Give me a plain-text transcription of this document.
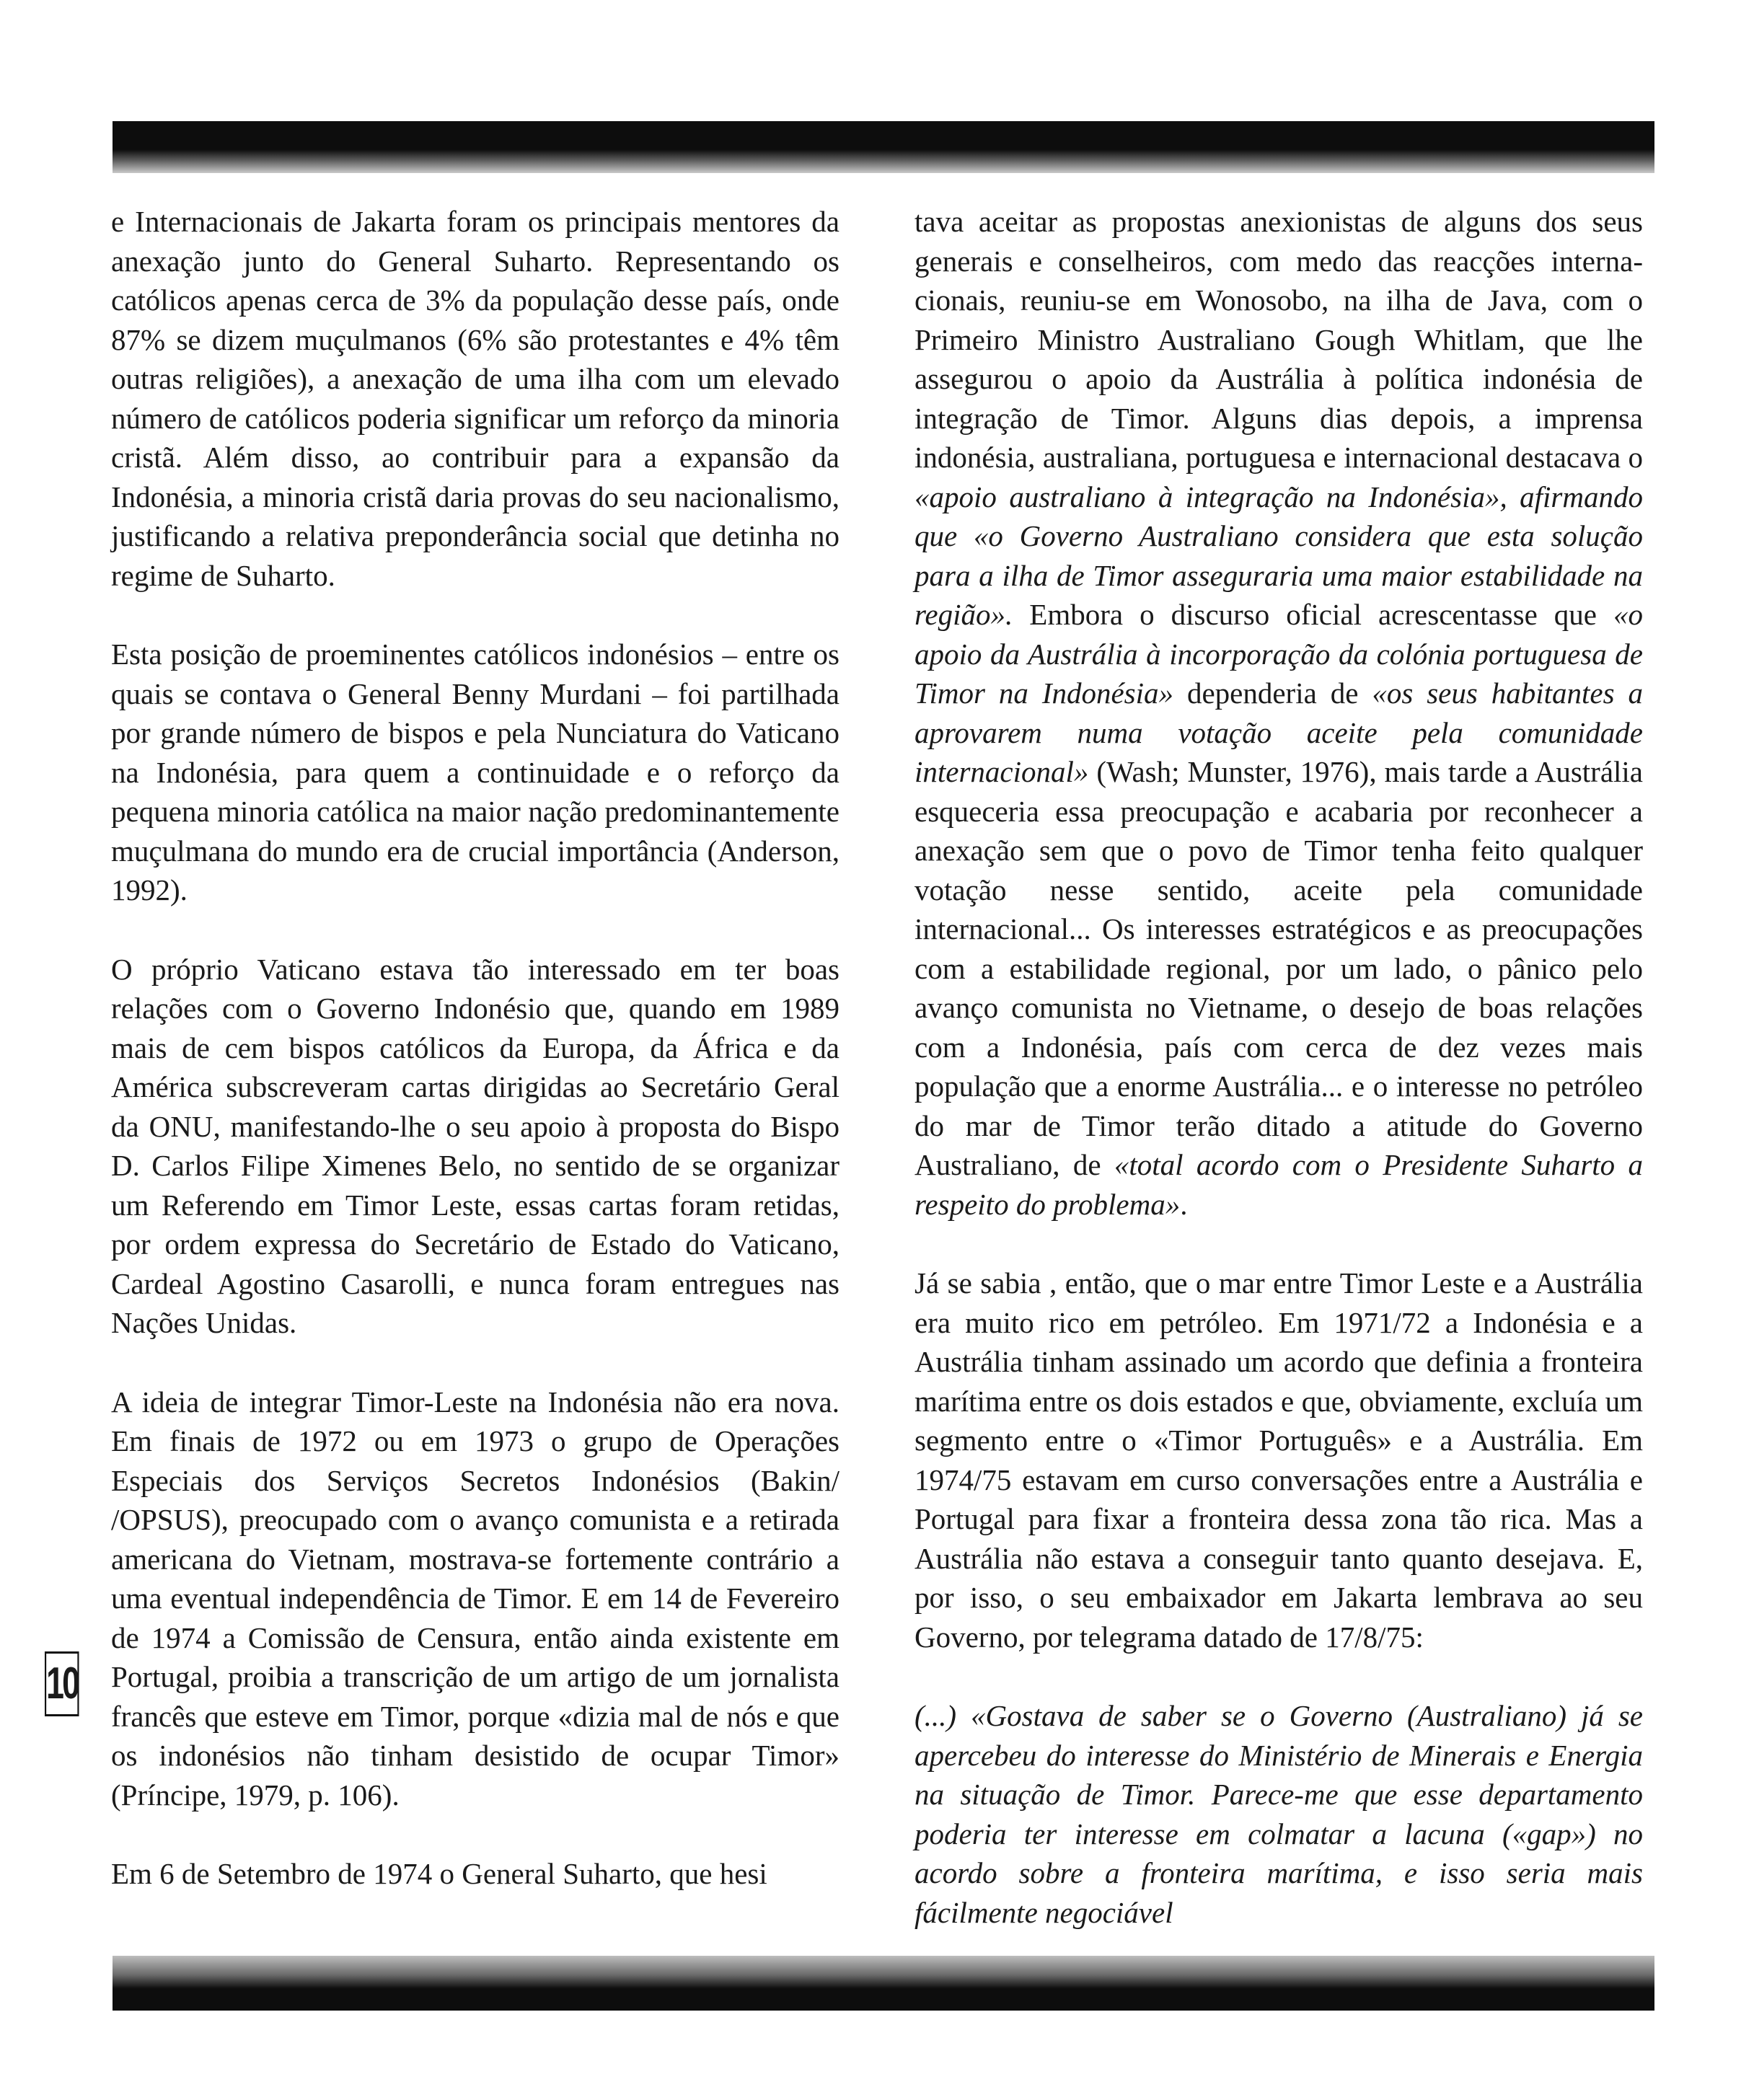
e Internacionais de Jakarta foram os principais mentores da anexação junto do General Suharto. Representando os católicos apenas cerca de 3% da população desse país, onde 87% se dizem muçulmanos (6% são protestantes e 4% têm outras religiões), a anexação de uma ilha com um elevado número de católicos poderia significar um reforço da minoria cristã. Além disso, ao contribuir para a expansão da Indonésia, a minoria cristã daria provas do seu nacionalismo, justificando a relativa preponderância social que detinha no regime de Suharto.

Esta posição de proeminentes católicos indonésios – entre os quais se contava o General Benny Murdani – foi partilhada por grande número de bispos e pela Nunciatura do Vaticano na Indonésia, para quem a continuidade e o reforço da pequena minoria católica na maior nação predominantemente muçulmana do mundo era de crucial importância (Anderson, 1992).

O próprio Vaticano estava tão interessado em ter boas relações com o Governo Indonésio que, quando em 1989 mais de cem bispos católicos da Europa, da África e da América subscreveram cartas dirigidas ao Secretário Geral da ONU, manifestando-lhe o seu apoio à proposta do Bispo D. Carlos Filipe Ximenes Belo, no sentido de se organizar um Referendo em Timor Leste, essas cartas foram retidas, por ordem expressa do Secretário de Estado do Vaticano, Cardeal Agostino Casarolli, e nunca foram entregues nas Nações Unidas.

A ideia de integrar Timor-Leste na Indonésia não era nova. Em finais de 1972 ou em 1973 o grupo de Operações Especiais dos Serviços Secretos Indonésios (Bakin/ /OPSUS), preocupado com o avanço comunista e a retirada americana do Vietnam, mostrava-se fortemente contrário a uma eventual independência de Timor. E em 14 de Fevereiro de 1974 a Comissão de Censura, então ainda existente em Portugal, proibia a transcrição de um artigo de um jornalista francês que esteve em Timor, porque «dizia mal de nós e que os indonésios não tinham desistido de ocupar Timor» (Príncipe, 1979, p. 106).

Em 6 de Setembro de 1974 o General Suharto, que hesi

tava aceitar as propostas anexionistas de alguns dos seus generais e conselheiros, com medo das reacções internacionais, reuniu-se em Wonosobo, na ilha de Java, com o Primeiro Ministro Australiano Gough Whitlam, que lhe assegurou o apoio da Austrália à política indonésia de integração de Timor. Alguns dias depois, a imprensa indonésia, australiana, portuguesa e internacional destacava o «apoio australiano à integração na Indonésia», afirmando que «o Governo Australiano considera que esta solução para a ilha de Timor asseguraria uma maior estabilidade na região». Embora o discurso oficial acrescentasse que «o apoio da Austrália à incorporação da colónia portuguesa de Timor na Indonésia» dependeria de «os seus habitantes a aprovarem numa votação aceite pela comunidade internacional» (Wash; Munster, 1976), mais tarde a Austrália esqueceria essa preocupação e acabaria por reconhecer a anexação sem que o povo de Timor tenha feito qualquer votação nesse sentido, aceite pela comunidade internacional... Os interesses estratégicos e as preocupações com a estabilidade regional, por um lado, o pânico pelo avanço comunista no Vietname, o desejo de boas relações com a Indonésia, país com cerca de dez vezes mais população que a enorme Austrália... e o interesse no petróleo do mar de Timor terão ditado a atitude do Governo Australiano, de «total acordo com o Presidente Suharto a respeito do problema».

Já se sabia , então, que o mar entre Timor Leste e a Austrália era muito rico em petróleo. Em 1971/72 a Indonésia e a Austrália tinham assinado um acordo que definia a fronteira marítima entre os dois estados e que, obviamente, excluía um segmento entre o «Timor Português» e a Austrália. Em 1974/75 estavam em curso conversações entre a Austrália e Portugal para fixar a fronteira dessa zona tão rica. Mas a Austrália não estava a conseguir tanto quanto desejava. E, por isso, o seu embaixador em Jakarta lembrava ao seu Governo, por telegrama datado de 17/8/75:

(...) «Gostava de saber se o Governo (Australiano) já se apercebeu do interesse do Ministério de Minerais e Energia na situação de Timor. Parece-me que esse departamento poderia ter interesse em colmatar a lacuna («gap») no acordo sobre a fronteira marítima, e isso seria mais fácilmente negociável

10
